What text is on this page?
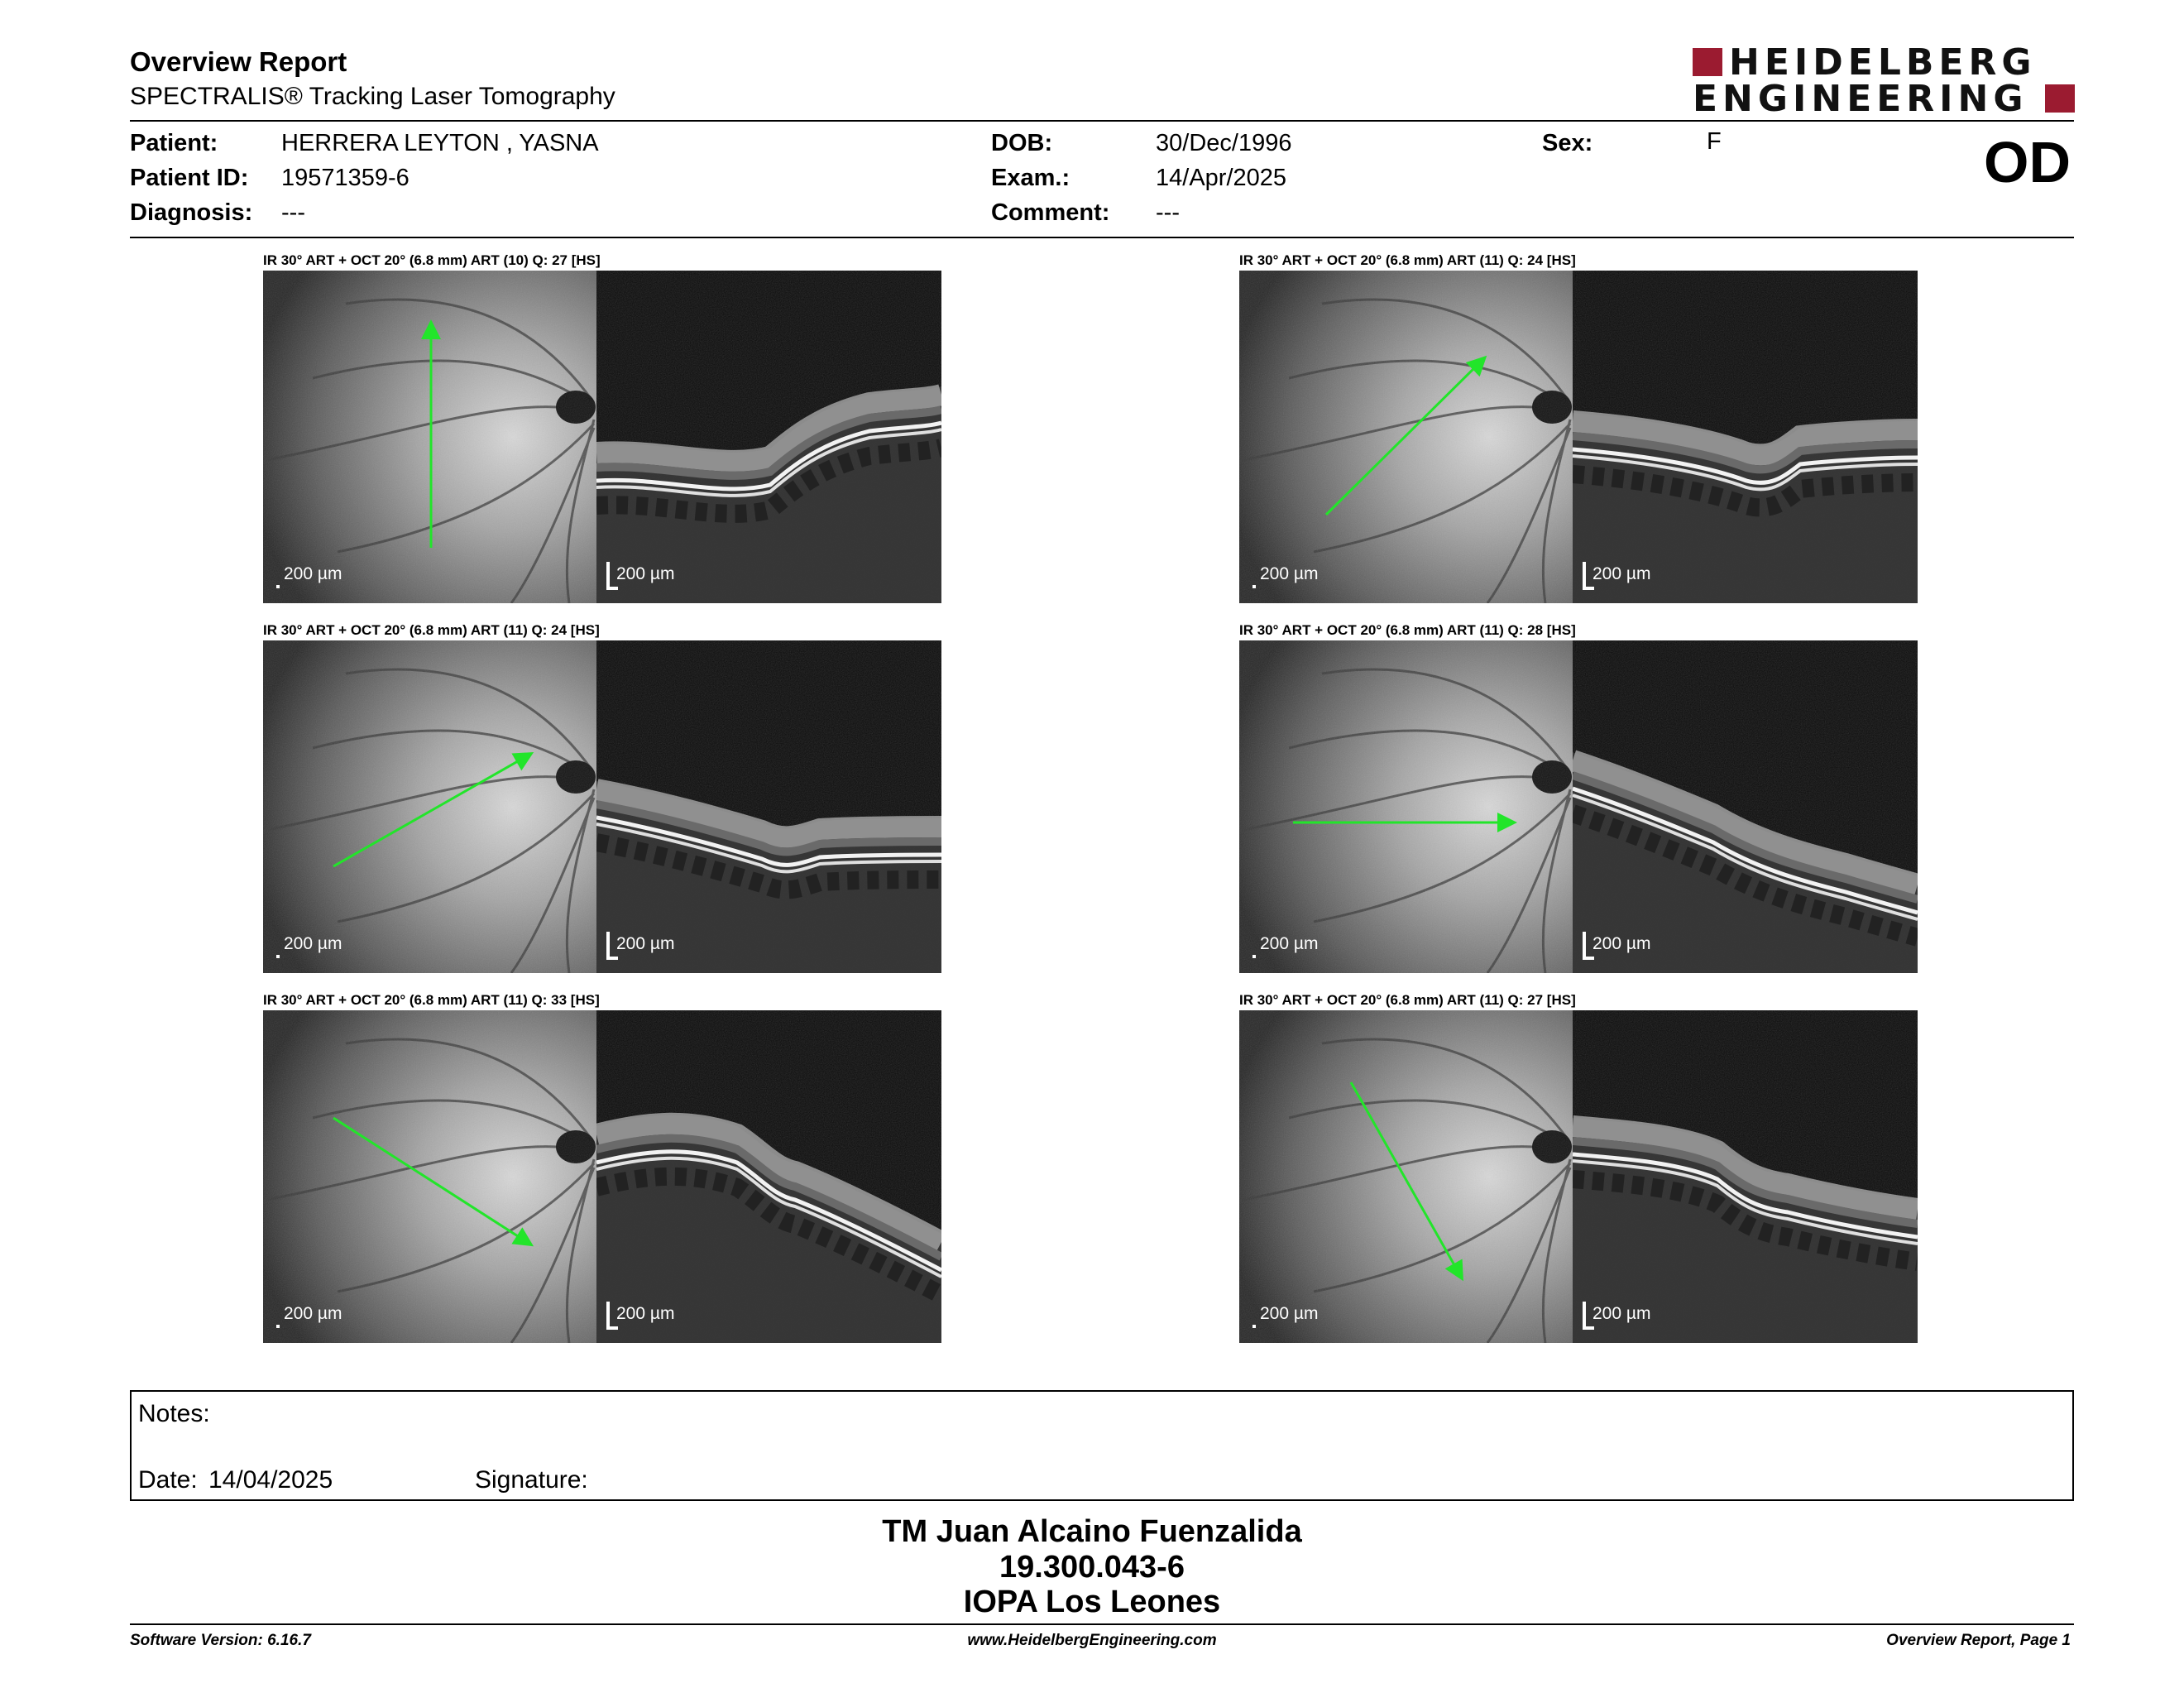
Overview Report
SPECTRALIS® Tracking Laser Tomography
HEIDELBERG
ENGINEERING
Patient:	HERRERA LEYTON , YASNA
Patient ID: 19571359-6
Diagnosis: ---
DOB:	30/Dec/1996
Exam.:	14/Apr/2025
Comment: ---
Sex:	F	OD
IR 30° ART + OCT 20° (6.8 mm) ART (10) Q: 27 [HS]
200 µm	200 µm
IR 30° ART + OCT 20° (6.8 mm) ART (11) Q: 24 [HS]
200 µm	200 µm
IR 30° ART + OCT 20° (6.8 mm) ART (11) Q: 24 [HS]
200 µm	200 µm
IR 30° ART + OCT 20° (6.8 mm) ART (11) Q: 28 [HS]
200 µm	200 µm
IR 30° ART + OCT 20° (6.8 mm) ART (11) Q: 33 [HS]
200 µm	200 µm
IR 30° ART + OCT 20° (6.8 mm) ART (11) Q: 27 [HS]
200 µm	200 µm
Notes:
Date: 14/04/2025	Signature:
TM Juan Alcaino Fuenzalida
19.300.043-6
IOPA Los Leones
Software Version: 6.16.7	www.HeidelbergEngineering.com	Overview Report, Page 1
